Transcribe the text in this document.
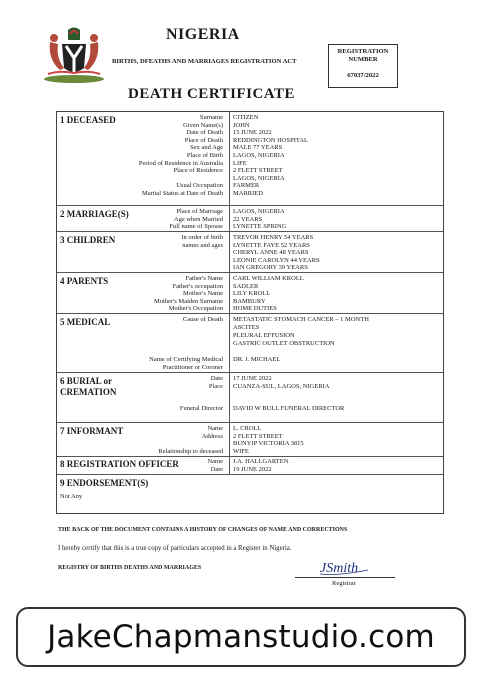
NIGERIA
BIRTHS, DFEATHS AND MARRIAGES REGISTRATION ACT
REGISTRATION
NUMBER
67037/2022
DEATH CERTIFICATE
1 DECEASED	Surname CITIZEN
Given Name(s) JOHN
Date of Death 15 JUNE 2022
Place of Death REDDINGTON HOSPITAL
Sex and Age MALE 77 YEARS
Place of Birth LAGOS, NIGERIA
Period of Residence in Australia LIFE
Place of Residence 2 FLETT STREET
LAGOS, NIGERIA
Usual Occupation FARMER
Marital Status at Date of Death MARRIED
2 MARRIAGE(S)	Place of Marriage LAGOS, NIGERIA
Age when Married 22 YEARS
Full name of Spouse LYNETTE SPRING
3 CHILDREN	In order of birth
names and ages
TREVOR HENRY 54 YEARS
LYNETTE FAYE 52 YEARS
CHERYL ANNE 48 YEARS
LEONIE CAROLYN 44 YEARS
IAN GREGORY 39 YEARS
4 PARENTS	Father's Name CARL WILLIAM KROLL
Father's occupation SADLER
Mother's Name LILY KROLL
Mother's Maiden Surname BAMBURY
Mother's Occupation HOME DUTIES
5 MEDICAL	Cause of Death METASTATIC STOMACH CANCER – 1 MONTH
ASCITES
PLEURAL EFFUSION
GASTRIC OUTLET OBSTRUCTION
Name of Certifying Medical
Practitioner or Coroner
DR. I. MICHAEL
6 BURIAL or
CREMATION
Date 17 JUNE 2022
Place CUANZA-SUL, LAGOS, NIGERIA
Funeral Director DAVID W BULL FUNERAL DIRECTOR
7 INFORMANT	Name L. CROLL
Address 2 FLETT STREET
BUNYIP VICTORIA 3815
Relationship to deceased WIFE
8 REGISTRATION OFFICER	Name J.A. HALLGARTEN
Date 19 JUNE 2022
9 ENDORSEMENT(S)
Not Any
THE BACK OF THE DOCUMENT CONTAINS A HISTORY OF CHANGES OF NAME AND CORRECTIONS
I hereby certify that this is a true copy of particulars accepted in a Register in Nigeria.
REGISTRY OF BIRTHS DEATHS AND MARRIAGES	JSmith
Registrar
JakeChapmanstudio.com
